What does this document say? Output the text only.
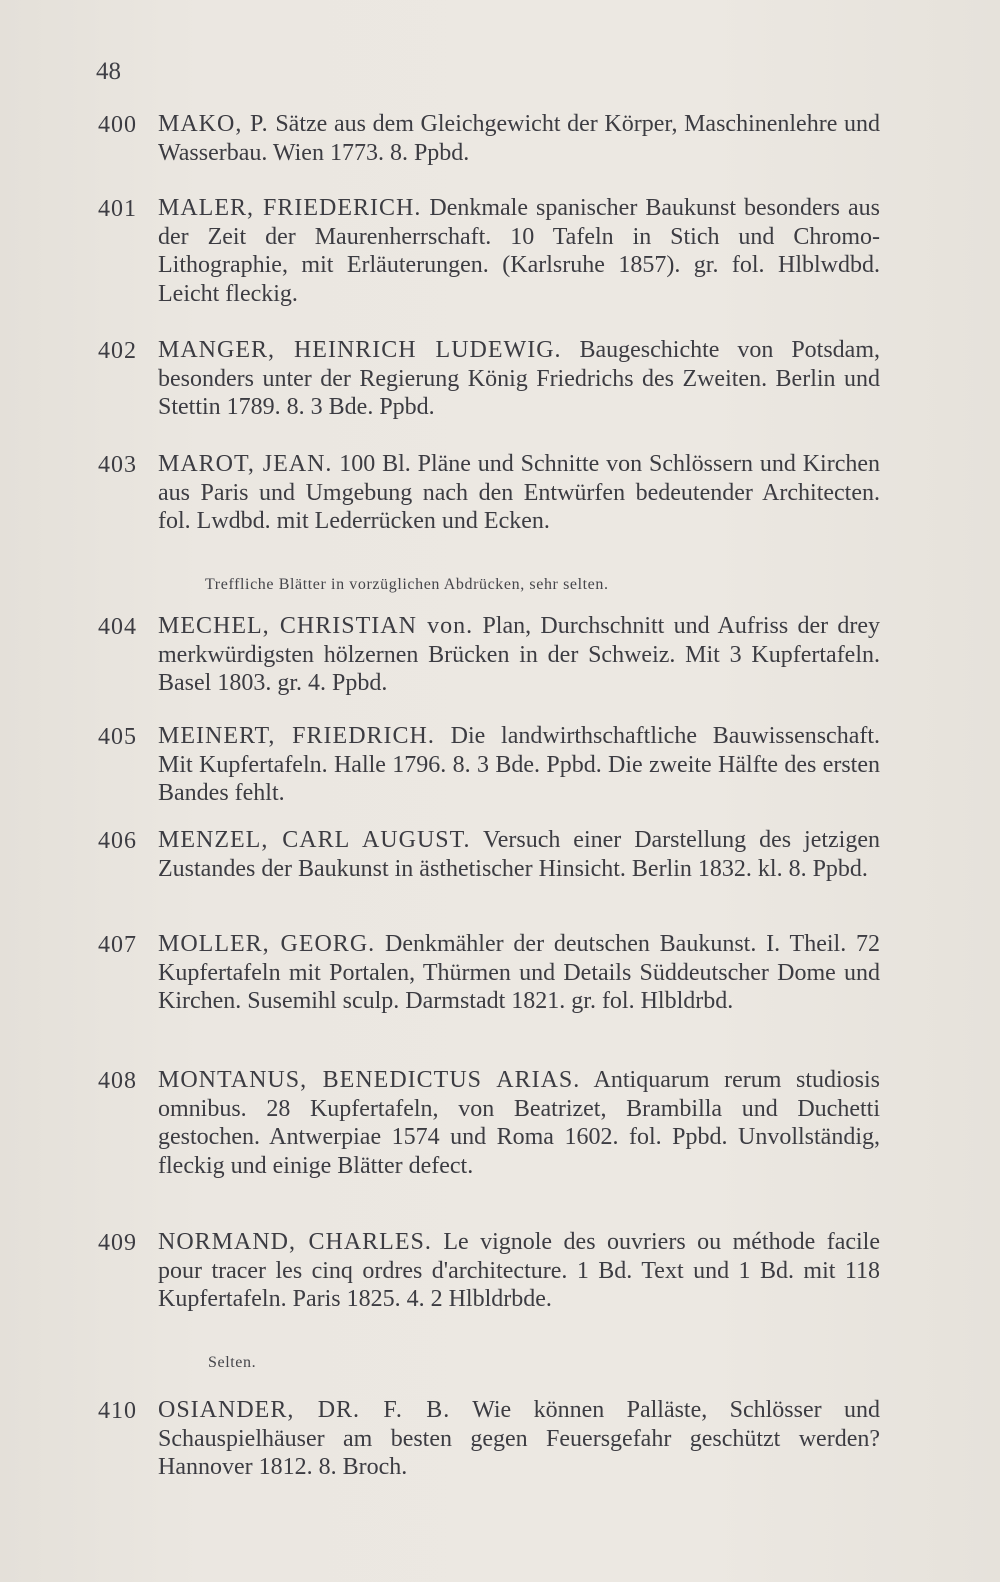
48
400 MAKO, P. Sätze aus dem Gleichgewicht der Körper, Maschinenlehre und Wasserbau. Wien 1773. 8. Ppbd.
401 MALER, FRIEDERICH. Denkmale spanischer Baukunst besonders aus der Zeit der Maurenherrschaft. 10 Tafeln in Stich und Chromo-Lithographie, mit Erläuterungen. (Karlsruhe 1857). gr. fol. Hlblwdbd. Leicht fleckig.
402 MANGER, HEINRICH LUDEWIG. Baugeschichte von Potsdam, besonders unter der Regierung König Friedrichs des Zweiten. Berlin und Stettin 1789. 8. 3 Bde. Ppbd.
403 MAROT, JEAN. 100 Bl. Pläne und Schnitte von Schlössern und Kirchen aus Paris und Umgebung nach den Entwürfen bedeutender Architecten. fol. Lwdbd. mit Lederrücken und Ecken.
Treffliche Blätter in vorzüglichen Abdrücken, sehr selten.
404 MECHEL, CHRISTIAN von. Plan, Durchschnitt und Aufriss der drey merkwürdigsten hölzernen Brücken in der Schweiz. Mit 3 Kupfertafeln. Basel 1803. gr. 4. Ppbd.
405 MEINERT, FRIEDRICH. Die landwirthschaftliche Bauwissenschaft. Mit Kupfertafeln. Halle 1796. 8. 3 Bde. Ppbd. Die zweite Hälfte des ersten Bandes fehlt.
406 MENZEL, CARL AUGUST. Versuch einer Darstellung des jetzigen Zustandes der Baukunst in ästhetischer Hinsicht. Berlin 1832. kl. 8. Ppbd.
407 MOLLER, GEORG. Denkmähler der deutschen Baukunst. I. Theil. 72 Kupfertafeln mit Portalen, Thürmen und Details Süddeutscher Dome und Kirchen. Susemihl sculp. Darmstadt 1821. gr. fol. Hlbldrbd.
408 MONTANUS, BENEDICTUS ARIAS. Antiquarum rerum studiosis omnibus. 28 Kupfertafeln, von Beatrizet, Brambilla und Duchetti gestochen. Antwerpiae 1574 und Roma 1602. fol. Ppbd. Unvollständig, fleckig und einige Blätter defect.
409 NORMAND, CHARLES. Le vignole des ouvriers ou méthode facile pour tracer les cinq ordres d'architecture. 1 Bd. Text und 1 Bd. mit 118 Kupfertafeln. Paris 1825. 4. 2 Hlbldrbde.
Selten.
410 OSIANDER, DR. F. B. Wie können Palläste, Schlösser und Schauspielhäuser am besten gegen Feuersgefahr geschützt werden? Hannover 1812. 8. Broch.
